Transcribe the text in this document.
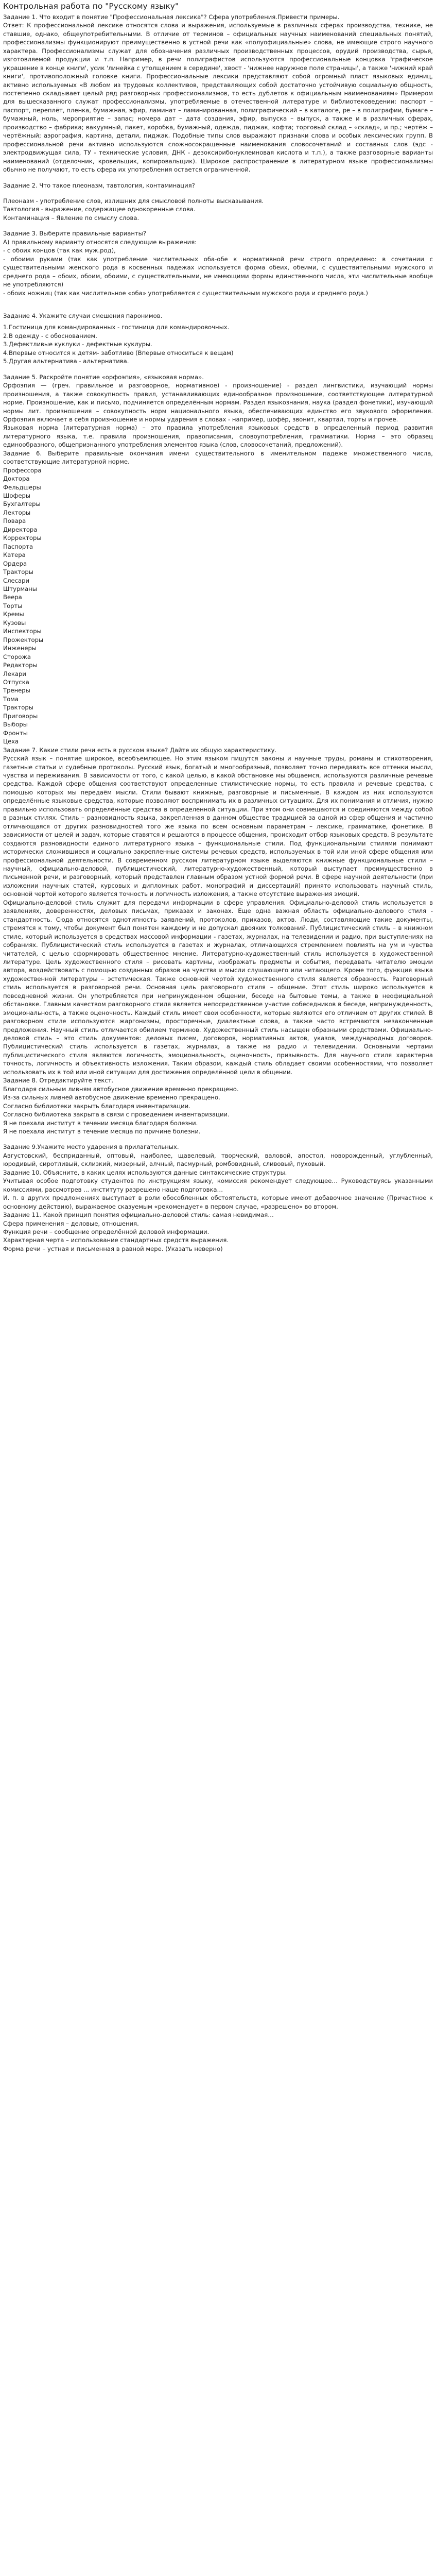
Контрольная работа по "Русскому языку"

Задание 1. Что входит в понятие "Профессиональная лексика"? Сфера употребления.Привести примеры.

Ответ: К профессиональной лексике относятся слова и выражения, используемые в различных сферах производства, технике, не ставшие, однако, общеупотребительными. В отличие от терминов – официальных научных наименований специальных понятий, профессионализмы функционируют преимущественно в устной речи как «полуофициальные» слова, не имеющие строго научного характера. Профессионализмы служат для обозначения различных производственных процессов, орудий производства, сырья, изготовляемой продукции и т.п. Например, в речи полиграфистов используются профессиональные концовка 'графическое украшение в конце книги', усик 'линейка с утолщением в середине', хвост - 'нижнее наружное поле страницы', а также 'нижний край книги', противоположный головке книги. Профессиональные лексики представляют собой огромный пласт языковых единиц, активно используемых «В любом из трудовых коллективов, представляющих собой достаточно устойчивую социальную общность, постепенно складывает целый ряд разговорных профессионализмов, то есть дублетов к официальным наименованиям» Примером для вышесказанного служат профессионализмы, употребляемые в отечественной литературе и библиотековедении: паспорт – паспорт, переплёт, пленка, бумажная, эфир, ламинат – ламинированная, полиграфический – в каталоге, ре – в полиграфии, бумаге – бумажный, ноль, мероприятие – запас; номера дат – дата создания, эфир, выпуска – выпуск, а также и в различных сферах, производство – фабрика; вакуумный, пакет, коробка, бумажный, одежда, пиджак, кофта; торговый склад – «склад», и пр.; чертёж – чертёжный; аэрография, картина, детали, пиджак. Подобные типы слов выражают признаки слова и особых лексических групп. В профессиональной речи активно используются сложносокращенные наименования словосочетаний и составных слов (эдс - электродвижущая сила, ТУ - технические условия, ДНК - дезоксирибонуклеиновая кислота и т.п.), а также разговорные варианты наименований (отделочник, кровельщик, копировальщик). Широкое распространение в литературном языке профессионализмы обычно не получают, то есть сфера их употребления остается ограниченной.

Задание 2. Что такое плеоназм, тавтология, контаминация?

Плеоназм - употребление слов, излишних для смысловой полноты высказывания.

Тавтология - выражение, содержащее однокоренные слова.

Контаминация – Явление по смыслу слова.

Задание 3. Выберите правильные варианты?

А) правильному варианту относятся следующие выражения:

- с обоих концов (так как муж.род),

- обоими руками (так как употребление числительных оба-обе к нормативной речи строго определено: в сочетании с существительными женского рода в косвенных падежах используется форма обеих, обеими, с существительными мужского и среднего рода – обоих, обоим, обоими, с существительными, не имеющими формы единственного числа, эти числительные вообще не употребляются)

- обоих ножниц (так как числительное «оба» употребляется с существительным мужского рода и среднего рода.)

Задание 4. Укажите случаи смешения паронимов.

1.Гостиница для командированных - гостиница для командировочных.

2.В одежду - с обоснованием.

3.Дефектливые куклуки - дефектные куклуры.

4.Впервые относится к детям- заботливо (Впервые относиться к вещам)

5.Другая альтернатива - альтернатива.

Задание 5. Раскройте понятие «орфоэпия», «языковая норма».

Орфоэпия — (греч. правильное и разговорное, нормативное) - произношение) - раздел лингвистики, изучающий нормы произношения, а также совокупность правил, устанавливающих единообразное произношение, соответствующее литературной норме. Произношение, как и письмо, подчиняется определённым нормам. Раздел языкознания, наука (раздел фонетики), изучающий нормы лит. произношения – совокупность норм национального языка, обеспечивающих единство его звукового оформления. Орфоэпия включает в себя произношение и нормы ударения в словах - например, шофёр, звонит, квартал, торты и прочее.

Языковая норма (литературная норма) – это правила употребления языковых средств в определенный период развития литературного языка, т.е. правила произношения, правописания, словоупотребления, грамматики. Норма – это образец единообразного, общепризнанного употребления элементов языка (слов, словосочетаний, предложений).

Задание 6. Выберите правильные окончания имени существительного в именительном падеже множественного числа, соответствующие литературной норме.

Профессора

Доктора

Фельдшеры

Шоферы

Бухгалтеры

Лекторы

Повара

Директора

Корректоры

Паспорта

Катера

Ордера

Тракторы

Слесари

Штурманы

Веера

Торты

Кремы

Кузовы

Инспекторы

Прожекторы

Инженеры

Сторожа

Редакторы

Лекари

Отпуска

Тренеры

Тома

Тракторы

Приговоры

Выборы

Фронты

Цеха

Задание 7. Какие стили речи есть в русском языке? Дайте их общую характеристику.

Русский язык – понятие широкое, всеобъемлющее. Но этим языком пишутся законы и научные труды, романы и стихотворения, газетные статьи и судебные протоколы. Русский язык, богатый и многообразный, позволяет точно передавать все оттенки мысли, чувства и переживания. В зависимости от того, с какой целью, в какой обстановке мы общаемся, используются различные речевые средства. Каждой сфере общения соответствуют определенные стилистические нормы, то есть правила и речевые средства, с помощью которых мы передаём мысли. Стили бывают книжные, разговорные и письменные. В каждом из них используются определённые языковые средства, которые позволяют воспринимать их в различных ситуациях. Для их понимания и отличия, нужно правильно использовать определённые средства в определенной ситуации. При этом они совмещаются и соединяются между собой в разных стилях. Стиль – разновидность языка, закрепленная в данном обществе традицией за одной из сфер общения и частично отличающаяся от других разновидностей того же языка по всем основным параметрам – лексике, грамматике, фонетике. В зависимости от целей и задач, которые ставятся и решаются в процессе общения, происходит отбор языковых средств. В результате создаются разновидности единого литературного языка – функциональные стили. Под функциональными стилями понимают исторически сложившиеся и социально закрепленные системы речевых средств, используемых в той или иной сфере общения или профессиональной деятельности. В современном русском литературном языке выделяются книжные функциональные стили – научный, официально-деловой, публицистический, литературно-художественный, который выступает преимущественно в письменной речи, и разговорный, который представлен главным образом устной формой речи. В сфере научной деятельности (при изложении научных статей, курсовых и дипломных работ, монографий и диссертаций) принято использовать научный стиль, основной чертой которого является точность и логичность изложения, а также отсутствие выражения эмоций.

Официально-деловой стиль служит для передачи информации в сфере управления. Официально-деловой стиль используется в заявлениях, доверенностях, деловых письмах, приказах и законах. Еще одна важная область официально-делового стиля - стандартность. Сюда относятся однотипность заявлений, протоколов, приказов, актов. Люди, составляющие такие документы, стремятся к тому, чтобы документ был понятен каждому и не допускал двояких толкований. Публицистический стиль – в книжном стиле, который используется в средствах массовой информации - газетах, журналах, на телевидении и радио, при выступлениях на собраниях. Публицистический стиль используется в газетах и журналах, отличающихся стремлением повлиять на ум и чувства читателей, с целью сформировать общественное мнение. Литературно-художественный стиль используется в художественной литературе. Цель художественного стиля – рисовать картины, изображать предметы и события, передавать читателю эмоции автора, воздействовать с помощью созданных образов на чувства и мысли слушающего или читающего. Кроме того, функция языка художественной литературы – эстетическая. Также основной чертой художественного стиля является образность. Разговорный стиль используется в разговорной речи. Основная цель разговорного стиля – общение. Этот стиль широко используется в повседневной жизни. Он употребляется при непринужденном общении, беседе на бытовые темы, а также в неофициальной обстановке. Главным качеством разговорного стиля является непосредственное участие собеседников в беседе, непринужденность, эмоциональность, а также оценочность. Каждый стиль имеет свои особенности, которые являются его отличием от других стилей. В разговорном стиле используются жаргонизмы, просторечные, диалектные слова, а также часто встречаются незаконченные предложения. Научный стиль отличается обилием терминов. Художественный стиль насыщен образными средствами. Официально-деловой стиль – это стиль документов: деловых писем, договоров, нормативных актов, указов, международных договоров. Публицистический стиль используется в газетах, журналах, а также на радио и телевидении. Основными чертами публицистического стиля являются логичность, эмоциональность, оценочность, призывность. Для научного стиля характерна точность, логичность и объективность изложения. Таким образом, каждый стиль обладает своими особенностями, что позволяет использовать их в той или иной ситуации для достижения определённой цели в общении.

Задание 8. Отредактируйте текст.

Благодаря сильным ливням автобусное движение временно прекращено.

Из-за сильных ливней автобусное движение временно прекращено.

Согласно библиотеки закрыть благодаря инвентаризации.

Согласно библиотека закрыта в связи с проведением инвентаризации.

Я не поехала институт в течении месяца благодаря болезни.

Я не поехала институт в течение месяца по причине болезни.

Задание 9.Укажите место ударения в прилагательных.

Августовский, бесприданный, оптовый, наиболее, щавелевый, творческий, валовой, апостол, новорожденный, углубленный, юродивый, сиротливый, склизкий, мизерный, алчный, пасмурный, ромбовидный, сливовый, пуховый.

Задание 10. Объясните, в каких целях используются данные синтаксические структуры.

Учитывая особое подготовку студентов по инструкциям языку, комиссия рекомендует следующее… Руководствуясь указанными комиссиями, рассмотрев ... институту разрешено наше подготовка…

И. п. в других предложениях выступает в роли обособленных обстоятельств, которые имеют добавочное значение (Причастное к основному действию), выражаемое сказуемым «рекомендует» в первом случае, «разрешено» во втором.

Задание 11. Какой принцип понятия официально-деловой стиль: самая невидимая…

Сфера применения – деловые, отношения.

Функция речи – сообщение определённой деловой информации.

Характерная черта – использование стандартных средств выражения.

Форма речи – устная и письменная в равной мере. (Указать неверно)
